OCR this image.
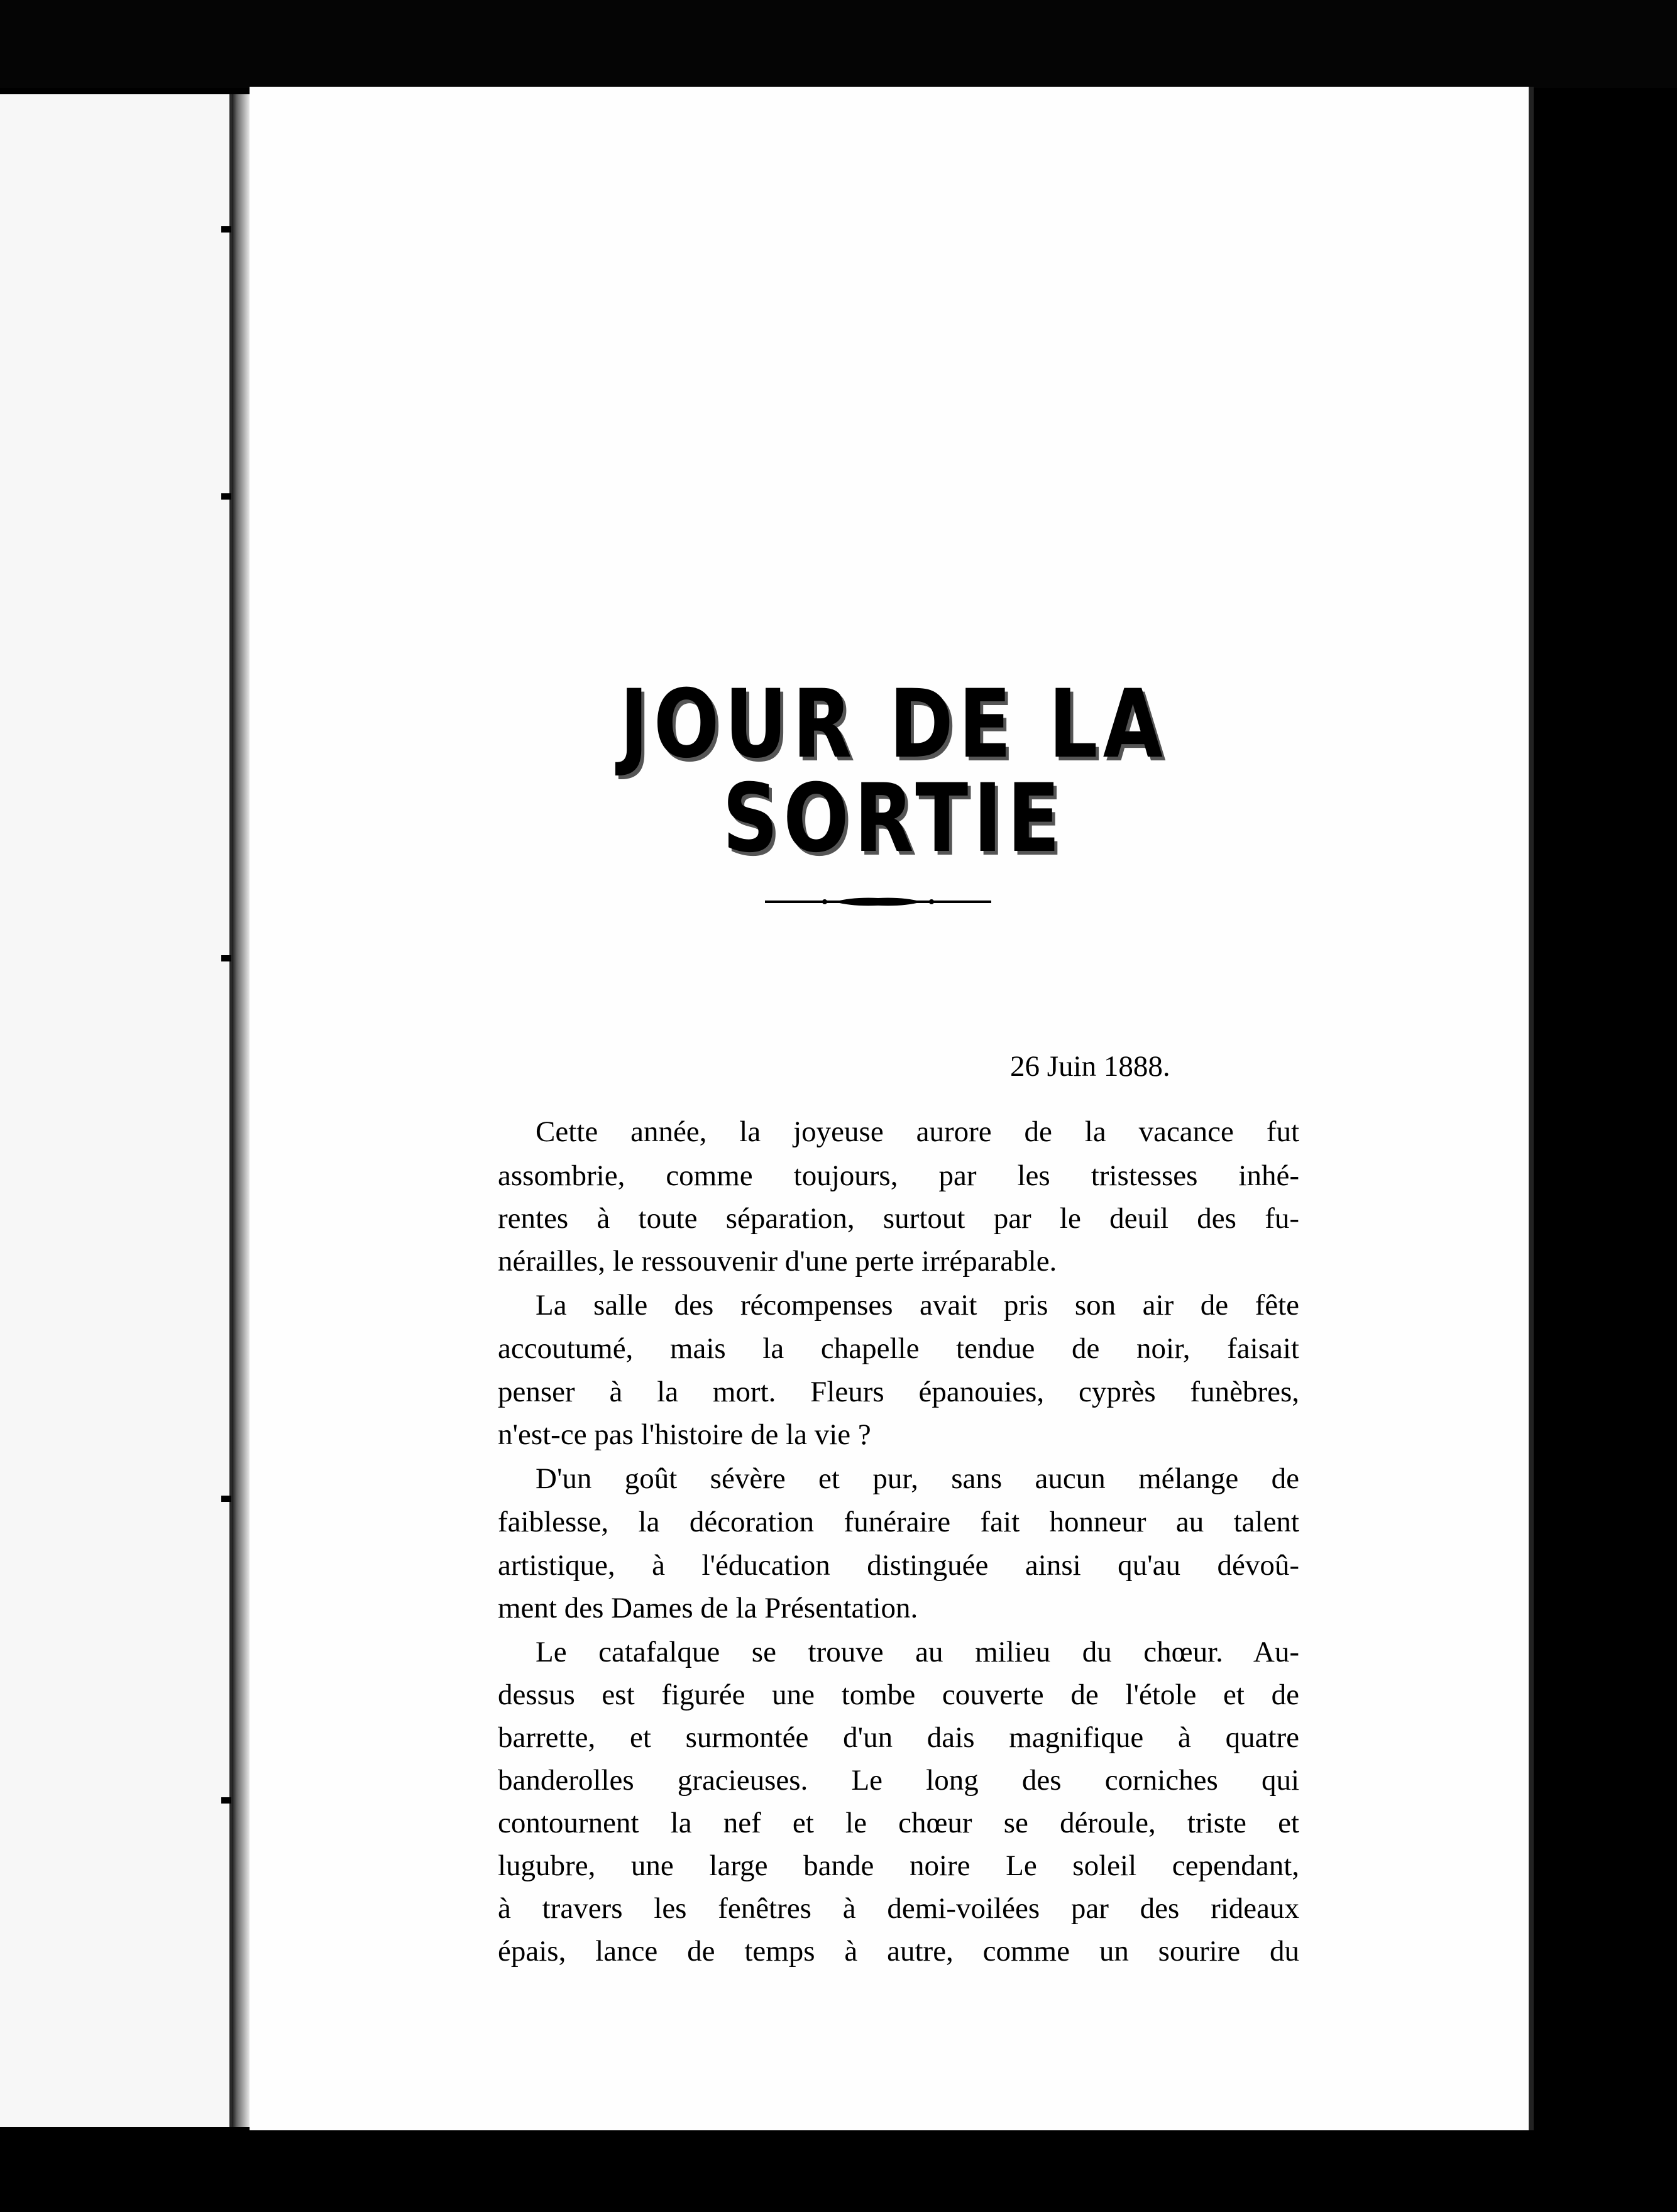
JOUR DE LA SORTIE
26 Juin 1888.
Cette année, la joyeuse aurore de la vacance fut
assombrie, comme toujours, par les tristesses inhé-
rentes à toute séparation, surtout par le deuil des fu-
nérailles, le ressouvenir d'une perte irréparable.
La salle des récompenses avait pris son air de fête
accoutumé, mais la chapelle tendue de noir, faisait
penser à la mort. Fleurs épanouies, cyprès funèbres,
n'est-ce pas l'histoire de la vie ?
D'un goût sévère et pur, sans aucun mélange de
faiblesse, la décoration funéraire fait honneur au talent
artistique, à l'éducation distinguée ainsi qu'au dévoû-
ment des Dames de la Présentation.
Le catafalque se trouve au milieu du chœur. Au-
dessus est figurée une tombe couverte de l'étole et de
barrette, et surmontée d'un dais magnifique à quatre
banderolles gracieuses. Le long des corniches qui
contournent la nef et le chœur se déroule, triste et
lugubre, une large bande noire Le soleil cependant,
à travers les fenêtres à demi-voilées par des rideaux
épais, lance de temps à autre, comme un sourire du
